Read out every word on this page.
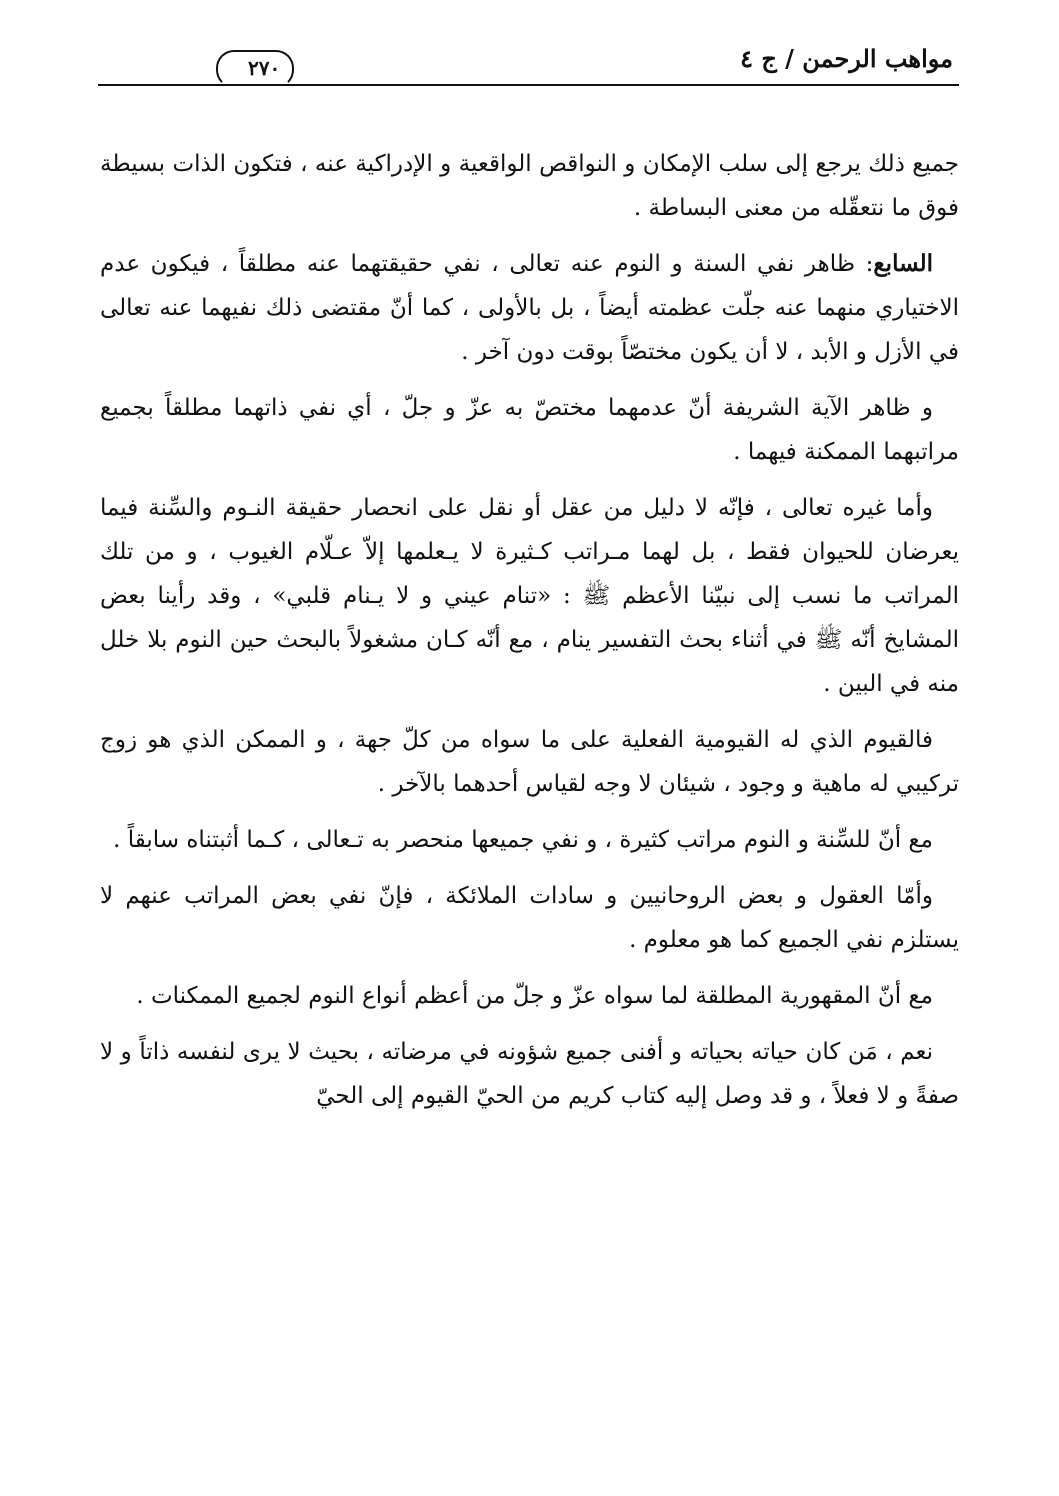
مواهب الرحمن / ج ٤
٢٧٠

جميع ذلك يرجع إلى سلب الإمكان و النواقص الواقعية و الإدراكية عنه ، فتكون الذات بسيطة فوق ما نتعقّله من معنى البساطة .

السابع: ظاهر نفي السنة و النوم عنه تعالى ، نفي حقيقتهما عنه مطلقاً ، فيكون عدم الاختياري منهما عنه جلّت عظمته أيضاً ، بل بالأولى ، كما أنّ مقتضى ذلك نفيهما عنه تعالى في الأزل و الأبد ، لا أن يكون مختصّاً بوقت دون آخر .

و ظاهر الآية الشريفة أنّ عدمهما مختصّ به عزّ و جلّ ، أي نفي ذاتهما مطلقاً بجميع مراتبهما الممكنة فيهما .

وأما غيره تعالى ، فإنّه لا دليل من عقل أو نقل على انحصار حقيقة النـوم والسِّنة فيما يعرضان للحيوان فقط ، بل لهما مـراتب كـثيرة لا يـعلمها إلاّ عـلّام الغيوب ، و من تلك المراتب ما نسب إلى نبيّنا الأعظم ﷺ : «تنام عيني و لا يـنام قلبي» ، وقد رأينا بعض المشايخ أنّه ﷺ في أثناء بحث التفسير ينام ، مع أنّه كـان مشغولاً بالبحث حين النوم بلا خلل منه في البين .

فالقيوم الذي له القيومية الفعلية على ما سواه من كلّ جهة ، و الممكن الذي هو زوج تركيبي له ماهية و وجود ، شيئان لا وجه لقياس أحدهما بالآخر .

مع أنّ للسِّنة و النوم مراتب كثيرة ، و نفي جميعها منحصر به تـعالى ، كـما أثبتناه سابقاً .

وأمّا العقول و بعض الروحانيين و سادات الملائكة ، فإنّ نفي بعض المراتب عنهم لا يستلزم نفي الجميع كما هو معلوم .

مع أنّ المقهورية المطلقة لما سواه عزّ و جلّ من أعظم أنواع النوم لجميع الممكنات .

نعم ، مَن كان حياته بحياته و أفنى جميع شؤونه في مرضاته ، بحيث لا يرى لنفسه ذاتاً و لا صفةً و لا فعلاً ، و قد وصل إليه كتاب كريم من الحيّ القيوم إلى الحيّ
